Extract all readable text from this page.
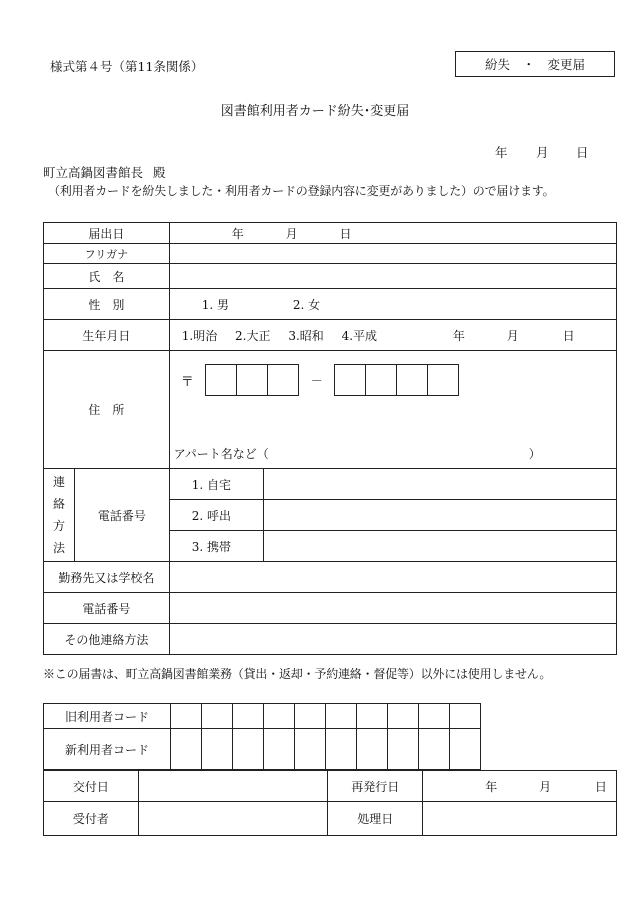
様式第４号（第11条関係）	紛失　・　変更届
図書館利用者カード紛失･変更届
年 月 日
町立高鍋図書館長 殿
（利用者カードを紛失しました・利用者カードの登録内容に変更がありました）ので届けます。
届出日		年 月 日	
フリガナ			
氏　名			
性　別		1. 男 2. 女	
生年月日		1.明治 2.大正 3.昭和 4.平成 年 月 日	
住　所		〒 －
アパート名など（ ）	

連
絡
方
法	電話番号	1. 自宅	
		2. 呼出	
		3. 携帯	
勤務先又は学校名			
電話番号			
その他連絡方法			
※この届書は、町立高鍋図書館業務（貸出・返却・予約連絡・督促等）以外には使用しません。
旧利用者コード										
新利用者コード										
交付日		再発行日	年 月 日
受付者		処理日	
